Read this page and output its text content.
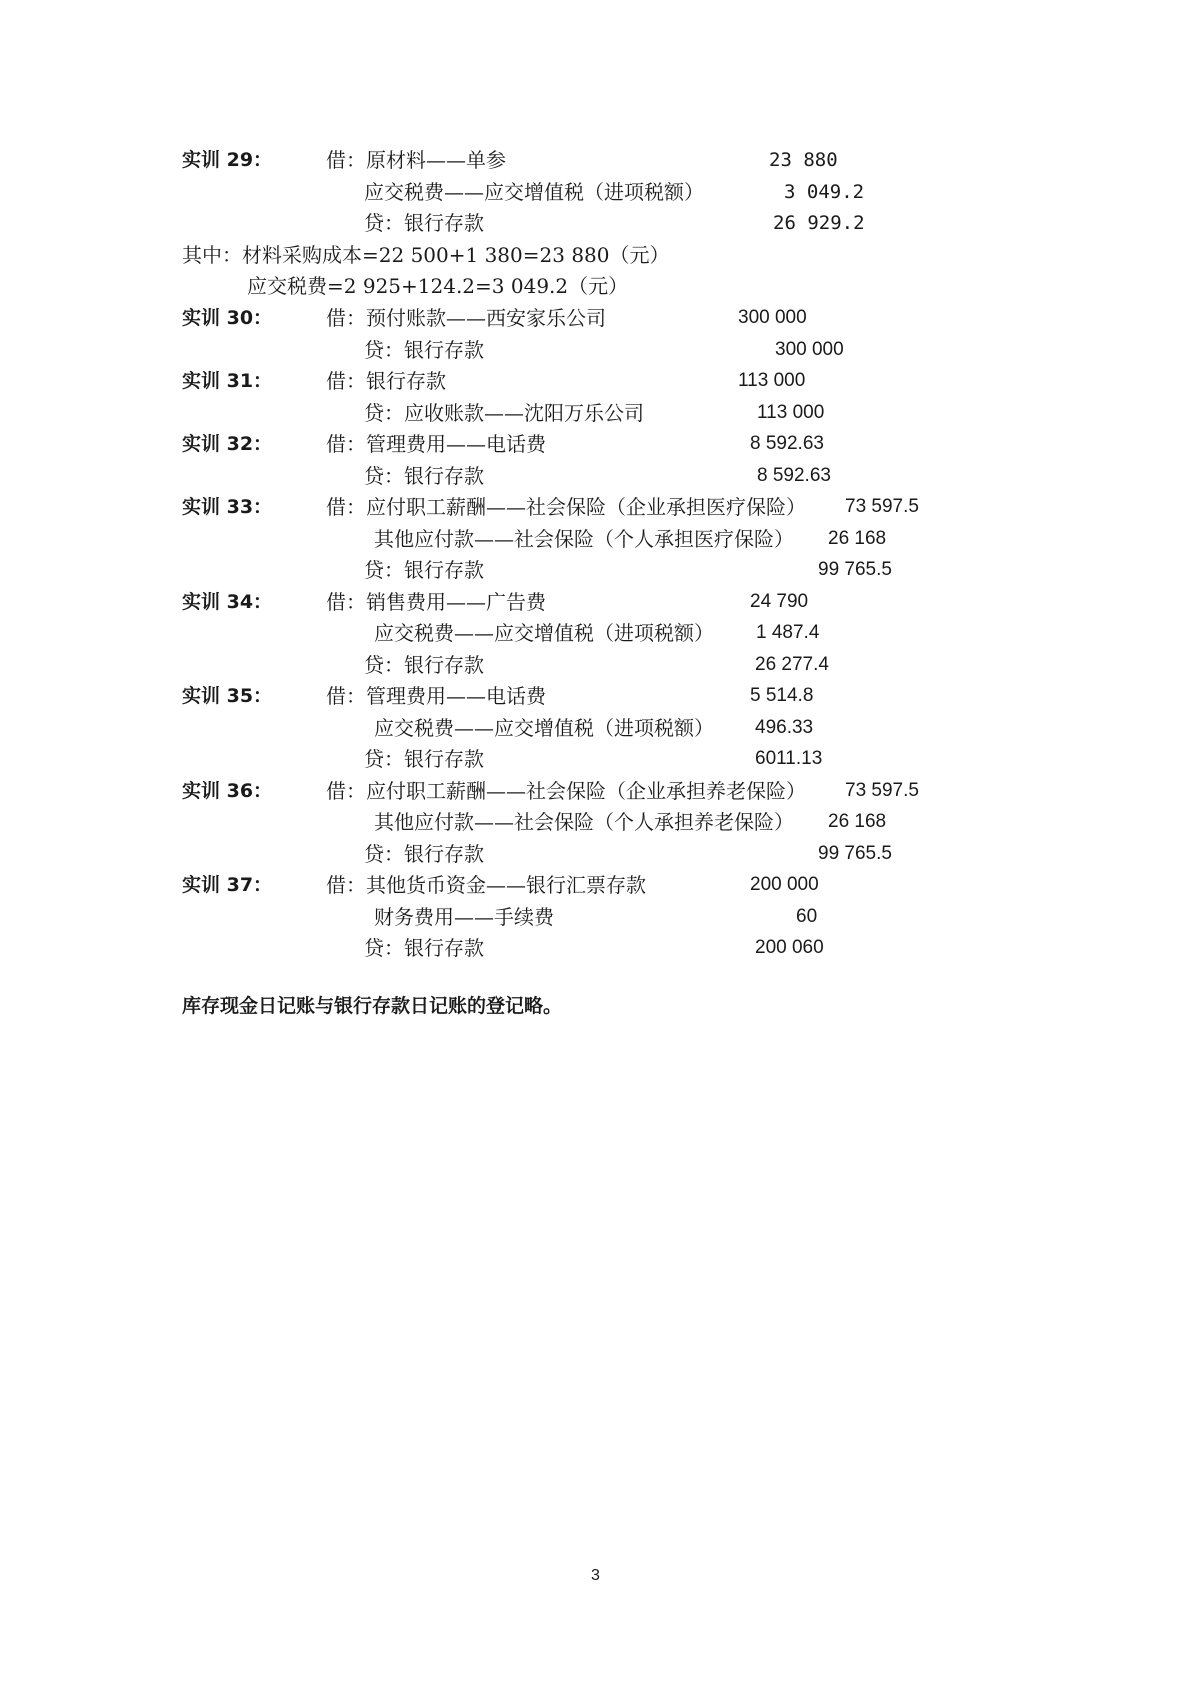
实训 29：	借：原材料——单参	23 880
应交税费——应交增值税（进项税额）	3 049.2
贷：银行存款	26 929.2
其中：材料采购成本=22 500+1 380=23 880（元）
应交税费=2 925+124.2=3 049.2（元）
实训 30：	借：预付账款——西安家乐公司	300 000
贷：银行存款	300 000
实训 31：	借：银行存款	113 000
贷：应收账款——沈阳万乐公司	113 000
实训 32：	借：管理费用——电话费	8 592.63
贷：银行存款	8 592.63
实训 33：	借：应付职工薪酬——社会保险（企业承担医疗保险） 73 597.5
其他应付款——社会保险（个人承担医疗保险） 26 168
贷：银行存款	99 765.5
实训 34：	借：销售费用——广告费	24 790
应交税费——应交增值税（进项税额） 1 487.4
贷：银行存款	26 277.4
实训 35：	借：管理费用——电话费	5 514.8
应交税费——应交增值税（进项税额） 496.33
贷：银行存款	6011.13
实训 36：	借：应付职工薪酬——社会保险（企业承担养老保险） 73 597.5
其他应付款——社会保险（个人承担养老保险） 26 168
贷：银行存款	99 765.5
实训 37：	借：其他货币资金——银行汇票存款	200 000
财务费用——手续费	60
贷：银行存款	200 060
库存现金日记账与银行存款日记账的登记略。
3
